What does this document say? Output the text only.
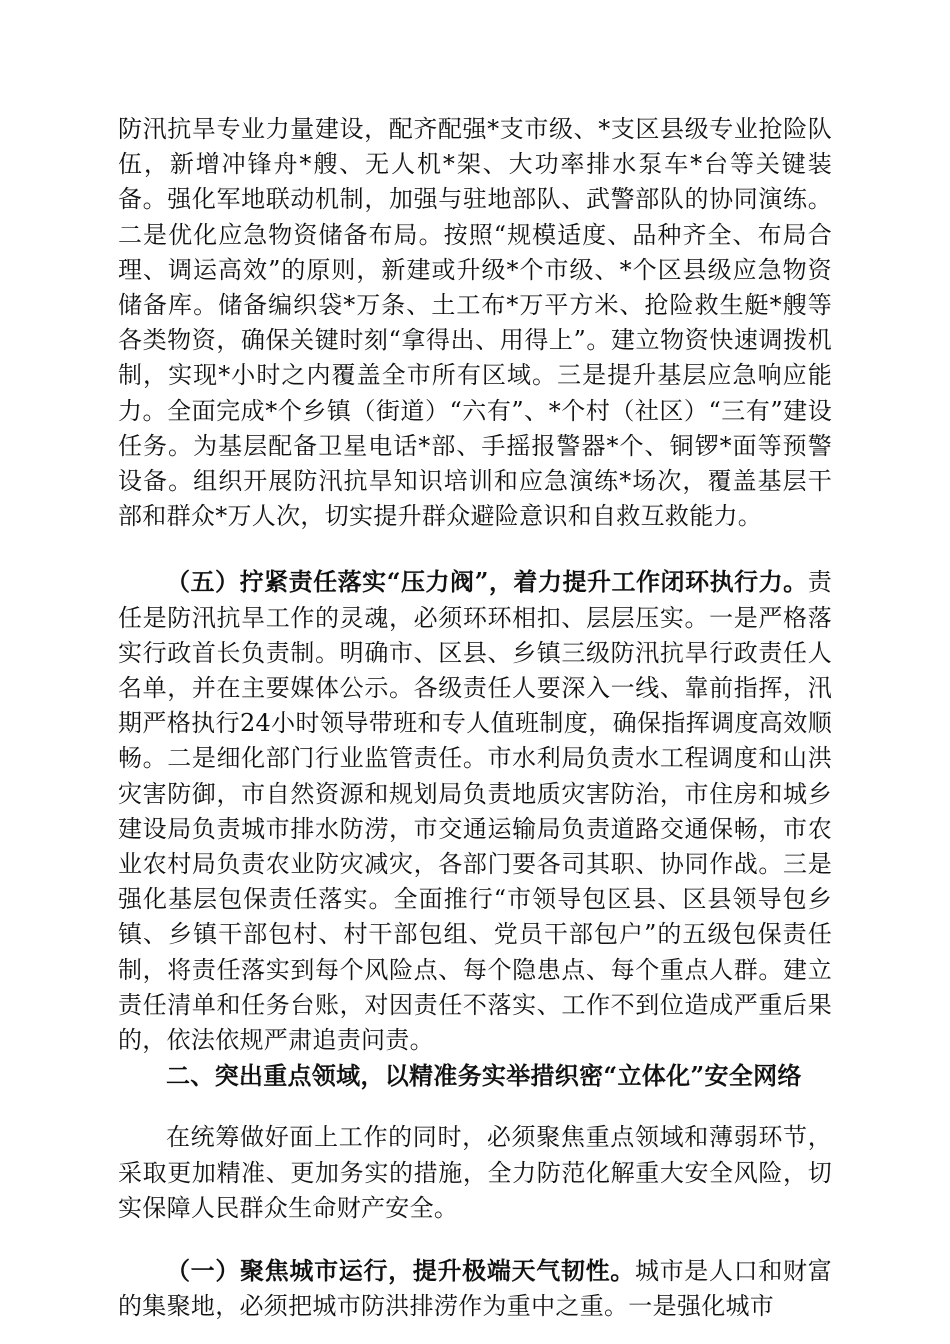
防汛抗旱专业力量建设，配齐配强*支市级、*支区县级专业抢险队伍，新增冲锋舟*艘、无人机*架、大功率排水泵车*台等关键装备。强化军地联动机制，加强与驻地部队、武警部队的协同演练。二是优化应急物资储备布局。按照“规模适度、品种齐全、布局合理、调运高效”的原则，新建或升级*个市级、*个区县级应急物资储备库。储备编织袋*万条、土工布*万平方米、抢险救生艇*艘等各类物资，确保关键时刻“拿得出、用得上”。建立物资快速调拨机制，实现*小时之内覆盖全市所有区域。三是提升基层应急响应能力。全面完成*个乡镇（街道）“六有”、*个村（社区）“三有”建设任务。为基层配备卫星电话*部、手摇报警器*个、铜锣*面等预警设备。组织开展防汛抗旱知识培训和应急演练*场次，覆盖基层干部和群众*万人次，切实提升群众避险意识和自救互救能力。

（五）拧紧责任落实“压力阀”，着力提升工作闭环执行力。责任是防汛抗旱工作的灵魂，必须环环相扣、层层压实。一是严格落实行政首长负责制。明确市、区县、乡镇三级防汛抗旱行政责任人名单，并在主要媒体公示。各级责任人要深入一线、靠前指挥，汛期严格执行24小时领导带班和专人值班制度，确保指挥调度高效顺畅。二是细化部门行业监管责任。市水利局负责水工程调度和山洪灾害防御，市自然资源和规划局负责地质灾害防治，市住房和城乡建设局负责城市排水防涝，市交通运输局负责道路交通保畅，市农业农村局负责农业防灾减灾，各部门要各司其职、协同作战。三是强化基层包保责任落实。全面推行“市领导包区县、区县领导包乡镇、乡镇干部包村、村干部包组、党员干部包户”的五级包保责任制，将责任落实到每个风险点、每个隐患点、每个重点人群。建立责任清单和任务台账，对因责任不落实、工作不到位造成严重后果的，依法依规严肃追责问责。

二、突出重点领域，以精准务实举措织密“立体化”安全网络

在统筹做好面上工作的同时，必须聚焦重点领域和薄弱环节，采取更加精准、更加务实的措施，全力防范化解重大安全风险，切实保障人民群众生命财产安全。

（一）聚焦城市运行，提升极端天气韧性。城市是人口和财富的集聚地，必须把城市防洪排涝作为重中之重。一是强化城市
